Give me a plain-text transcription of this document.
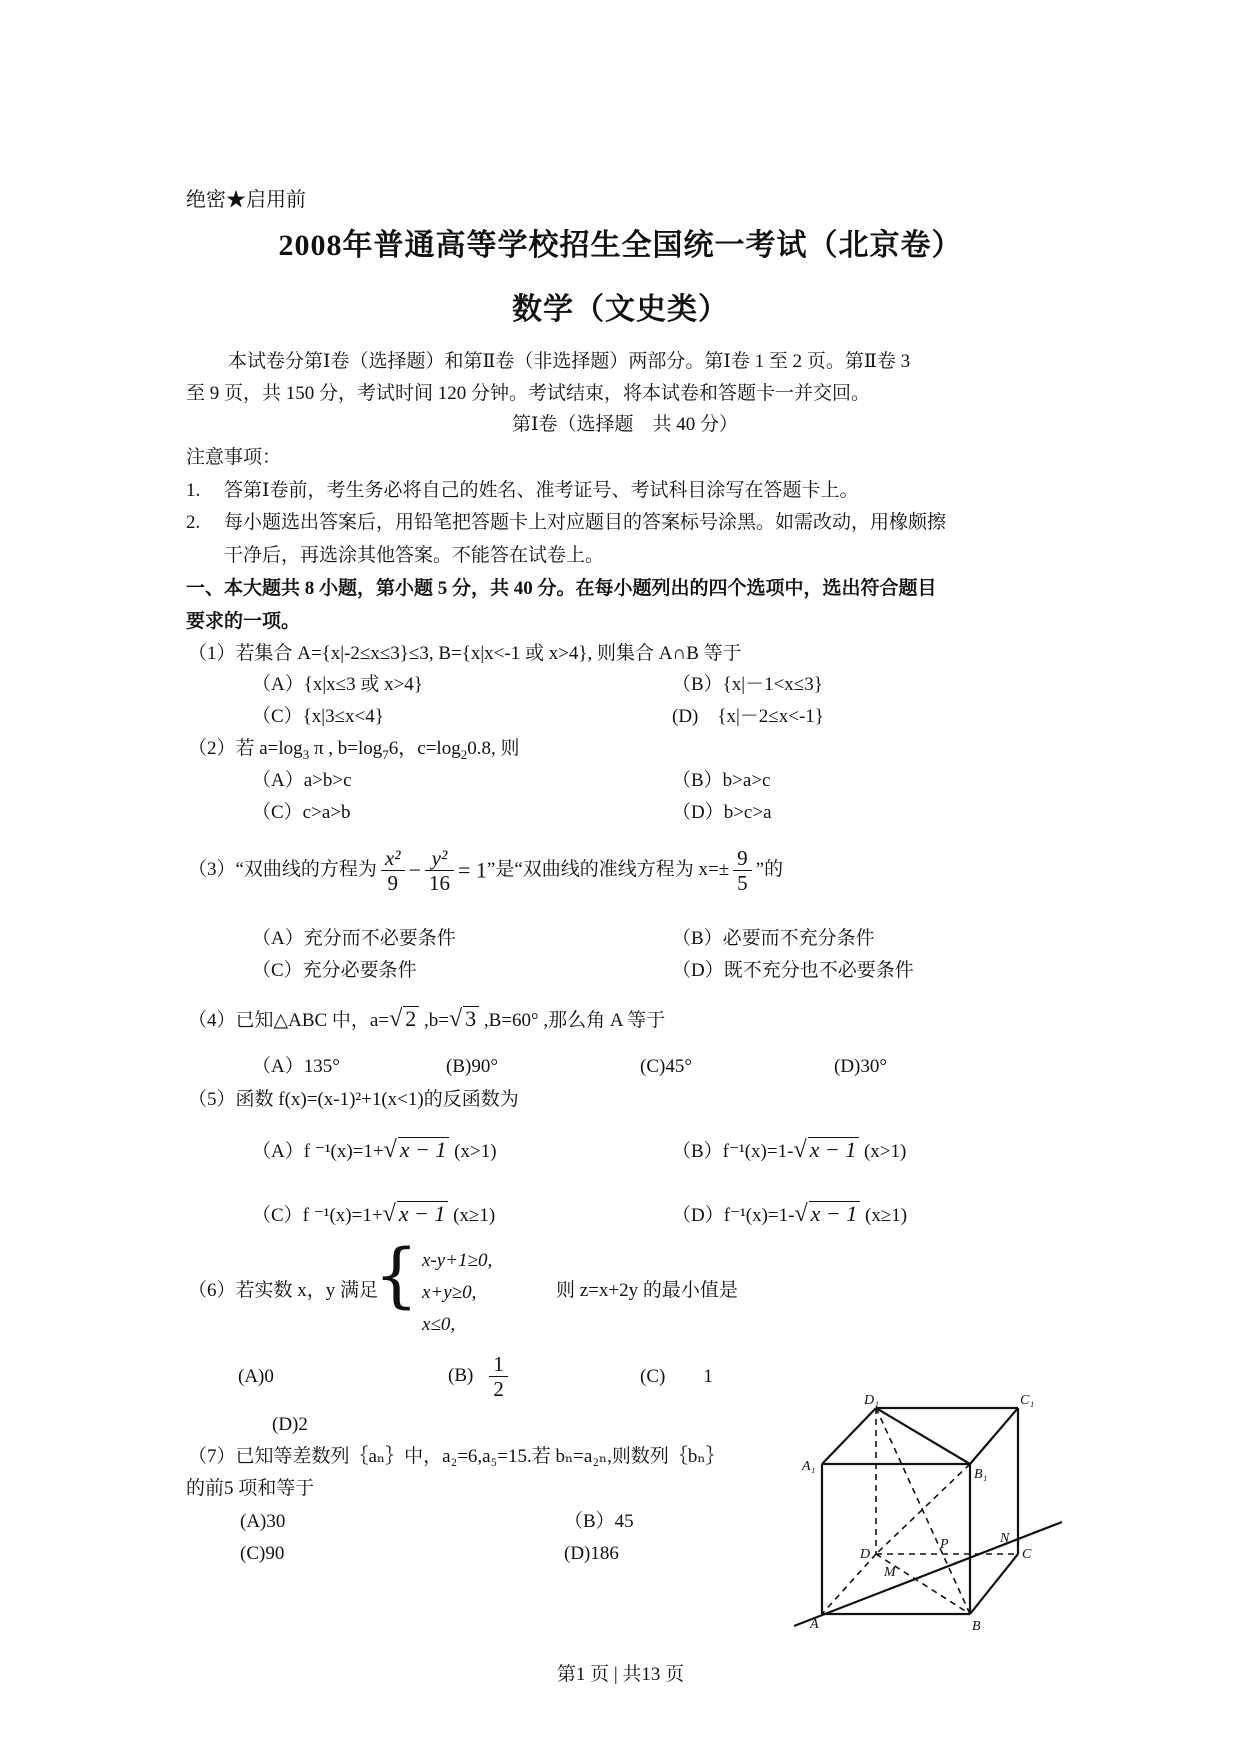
绝密★启用前
2008年普通高等学校招生全国统一考试（北京卷）
数学（文史类）
本试卷分第Ⅰ卷（选择题）和第Ⅱ卷（非选择题）两部分。第Ⅰ卷 1 至 2 页。第Ⅱ卷 3
至 9 页，共 150 分，考试时间 120 分钟。考试结束，将本试卷和答题卡一并交回。
第Ⅰ卷（选择题　共 40 分）
注意事项：
1. 答第Ⅰ卷前，考生务必将自己的姓名、准考证号、考试科目涂写在答题卡上。
2. 每小题选出答案后，用铅笔把答题卡上对应题目的答案标号涂黑。如需改动，用橡颇擦
干净后，再选涂其他答案。不能答在试卷上。
一、本大题共 8 小题，第小题 5 分，共 40 分。在每小题列出的四个选项中，选出符合题目
要求的一项。
（1）若集合 A={x|-2≤x≤3}≤3, B={x|x<-1 或 x>4}, 则集合 A∩B 等于
（A）{x|x≤3 或 x>4}	（B）{x|－1<x≤3}
（C）{x|3≤x<4}	(D)　{x|－2≤x<-1}
（2）若 $a=\log_3$ π , $b=\log_76$，$c=\log_20.8$, 则
（A）a>b>c	（B）b>a>c
（C）c>a>b	（D）b>c>a
（3）“双曲线的方程为 $\frac{\text{x²}}{9} - \frac{\text{y²}}{16} = 1$”是“双曲线的准线方程为 $x=\pm \frac{9}{5}$ ”的
（A）充分而不必要条件	（B）必要而不充分条件
（C）充分必要条件	（D）既不充分也不必要条件
（4）已知△ABC 中，a=√ 2 ,b=√ 3 ,B=60° ,那么角 A 等于
（A）135°	(B)90°	(C)45°	(D)30°
（5）函数 f(x)=(x-1)²+1(x<1)的反函数为
（A）f ⁻¹(x)=1+√ x − 1 (x>1)	（B）f⁻¹(x)=1-√ x − 1 (x>1)
（C）f ⁻¹(x)=1+√ x − 1 (x≥1)	（D）f⁻¹(x)=1-√ x − 1 (x≥1)
（6）若实数 x，y 满足
{ x-y+1≥0,
x+y≥0,
x≤0,
则 z=x+2y 的最小值是
(A)0	$(B) \frac{1}{2}$	(C)　　1
(D)2
（7）已知等差数列｛aₙ｝中，a₂=6,a₅=15.若 bₙ=a₂ₙ,则数列｛bₙ｝
的前5 项和等于
(A)30	（B）45
(C)90	(D)186
D₁	C₁
A₁
B₁
D	C
A	B
P
M
N
第1 页 | 共13 页
